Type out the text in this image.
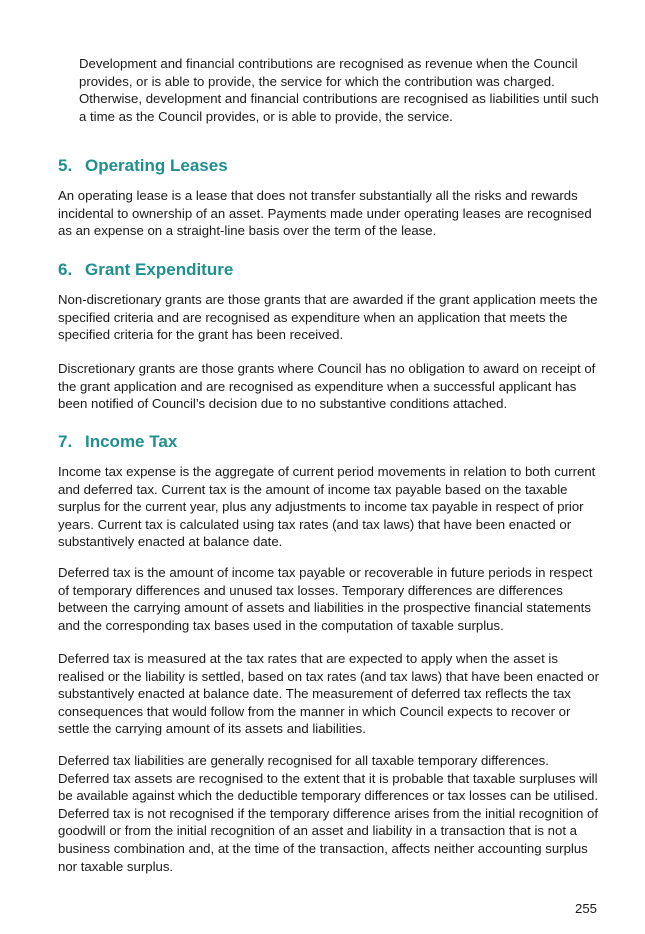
Development and financial contributions are recognised as revenue when the Council provides, or is able to provide, the service for which the contribution was charged. Otherwise, development and financial contributions are recognised as liabilities until such a time as the Council provides, or is able to provide, the service.

5. Operating Leases

An operating lease is a lease that does not transfer substantially all the risks and rewards incidental to ownership of an asset. Payments made under operating leases are recognised as an expense on a straight-line basis over the term of the lease.

6. Grant Expenditure

Non-discretionary grants are those grants that are awarded if the grant application meets the specified criteria and are recognised as expenditure when an application that meets the specified criteria for the grant has been received.

Discretionary grants are those grants where Council has no obligation to award on receipt of the grant application and are recognised as expenditure when a successful applicant has been notified of Council’s decision due to no substantive conditions attached.

7. Income Tax

Income tax expense is the aggregate of current period movements in relation to both current and deferred tax. Current tax is the amount of income tax payable based on the taxable surplus for the current year, plus any adjustments to income tax payable in respect of prior years. Current tax is calculated using tax rates (and tax laws) that have been enacted or substantively enacted at balance date.

Deferred tax is the amount of income tax payable or recoverable in future periods in respect of temporary differences and unused tax losses. Temporary differences are differences between the carrying amount of assets and liabilities in the prospective financial statements and the corresponding tax bases used in the computation of taxable surplus.

Deferred tax is measured at the tax rates that are expected to apply when the asset is realised or the liability is settled, based on tax rates (and tax laws) that have been enacted or substantively enacted at balance date. The measurement of deferred tax reflects the tax consequences that would follow from the manner in which Council expects to recover or settle the carrying amount of its assets and liabilities.

Deferred tax liabilities are generally recognised for all taxable temporary differences. Deferred tax assets are recognised to the extent that it is probable that taxable surpluses will be available against which the deductible temporary differences or tax losses can be utilised. Deferred tax is not recognised if the temporary difference arises from the initial recognition of goodwill or from the initial recognition of an asset and liability in a transaction that is not a business combination and, at the time of the transaction, affects neither accounting surplus nor taxable surplus.

255
